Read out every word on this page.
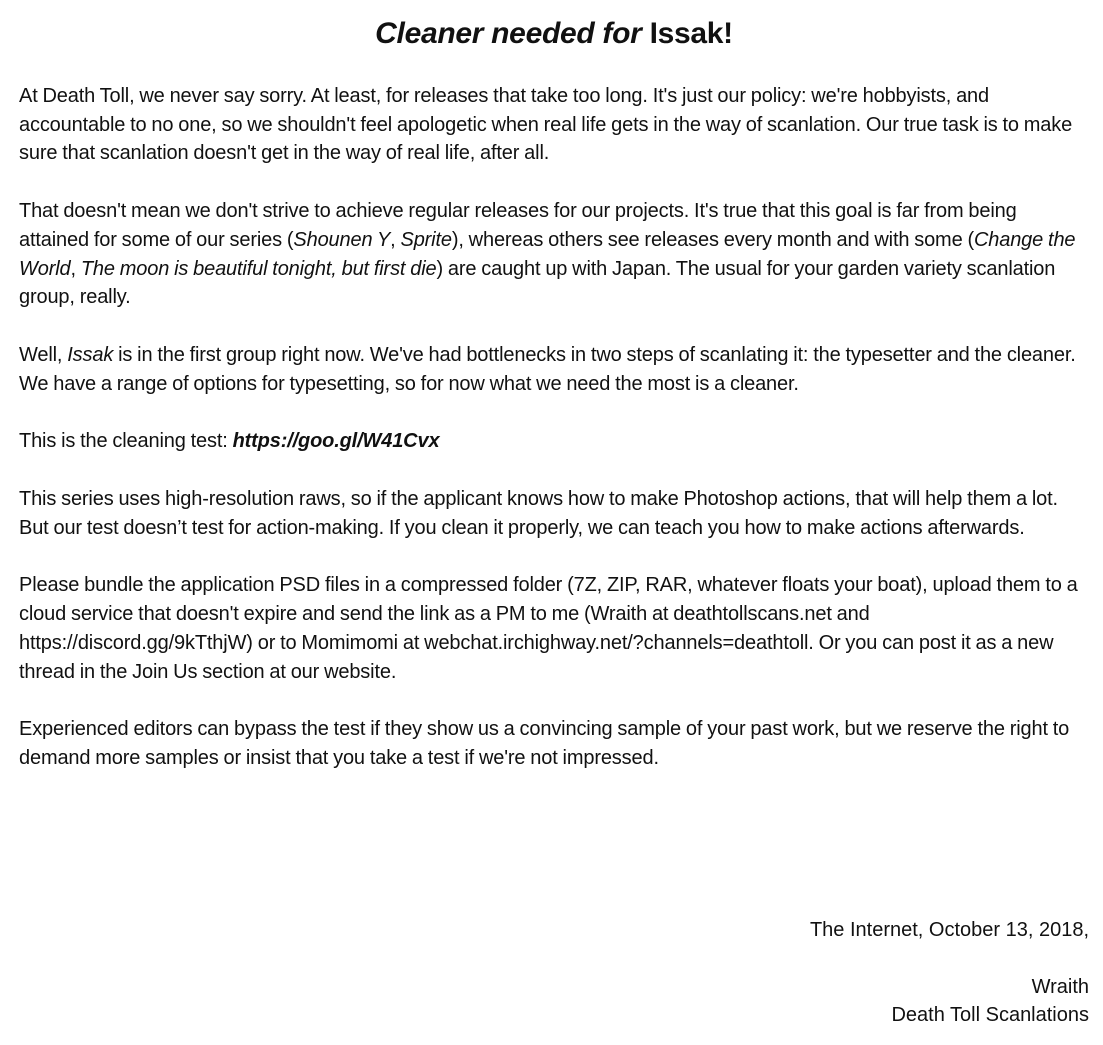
Cleaner needed for Issak!

At Death Toll, we never say sorry. At least, for releases that take too long. It's just our policy: we're hobbyists, and accountable to no one, so we shouldn't feel apologetic when real life gets in the way of scanlation. Our true task is to make sure that scanlation doesn't get in the way of real life, after all.

That doesn't mean we don't strive to achieve regular releases for our projects. It's true that this goal is far from being attained for some of our series (Shounen Y, Sprite), whereas others see releases every month and with some (Change the World, The moon is beautiful tonight, but first die) are caught up with Japan. The usual for your garden variety scanlation group, really.

Well, Issak is in the first group right now. We've had bottlenecks in two steps of scanlating it: the typesetter and the cleaner. We have a range of options for typesetting, so for now what we need the most is a cleaner.

This is the cleaning test: https://goo.gl/W41Cvx

This series uses high-resolution raws, so if the applicant knows how to make Photoshop actions, that will help them a lot. But our test doesn’t test for action-making. If you clean it properly, we can teach you how to make actions afterwards.

Please bundle the application PSD files in a compressed folder (7Z, ZIP, RAR, whatever floats your boat), upload them to a cloud service that doesn't expire and send the link as a PM to me (Wraith at deathtollscans.net and https://discord.gg/9kTthjW) or to Momimomi at webchat.irchighway.net/?channels=deathtoll. Or you can post it as a new thread in the Join Us section at our website.

Experienced editors can bypass the test if they show us a convincing sample of your past work, but we reserve the right to demand more samples or insist that you take a test if we're not impressed.

The Internet, October 13, 2018,

Wraith

Death Toll Scanlations
